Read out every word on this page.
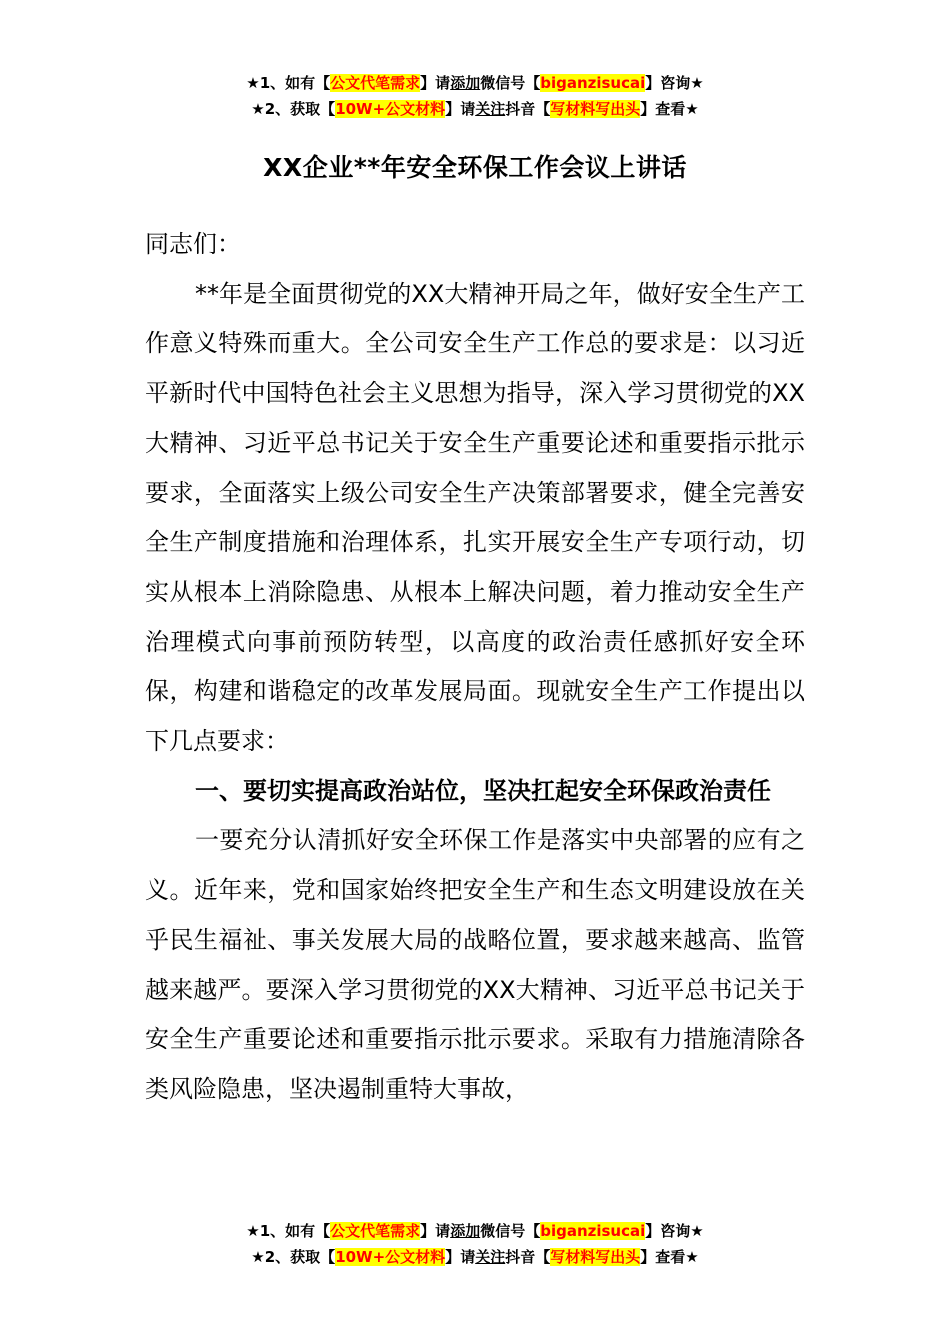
★1、如有【公文代笔需求】请添加微信号【biganzisucai】咨询★
★2、获取【10W+公文材料】请关注抖音【写材料写出头】查看★
XX企业**年安全环保工作会议上讲话

同志们：

**年是全面贯彻党的XX大精神开局之年，做好安全生产工作意义特殊而重大。全公司安全生产工作总的要求是：以习近平新时代中国特色社会主义思想为指导，深入学习贯彻党的XX大精神、习近平总书记关于安全生产重要论述和重要指示批示要求，全面落实上级公司安全生产决策部署要求，健全完善安全生产制度措施和治理体系，扎实开展安全生产专项行动，切实从根本上消除隐患、从根本上解决问题，着力推动安全生产治理模式向事前预防转型，以高度的政治责任感抓好安全环保，构建和谐稳定的改革发展局面。现就安全生产工作提出以下几点要求：

一、要切实提高政治站位，坚决扛起安全环保政治责任

一要充分认清抓好安全环保工作是落实中央部署的应有之义。近年来，党和国家始终把安全生产和生态文明建设放在关乎民生福祉、事关发展大局的战略位置，要求越来越高、监管越来越严。要深入学习贯彻党的XX大精神、习近平总书记关于安全生产重要论述和重要指示批示要求。采取有力措施清除各类风险隐患，坚决遏制重特大事故，

★1、如有【公文代笔需求】请添加微信号【biganzisucai】咨询★
★2、获取【10W+公文材料】请关注抖音【写材料写出头】查看★
